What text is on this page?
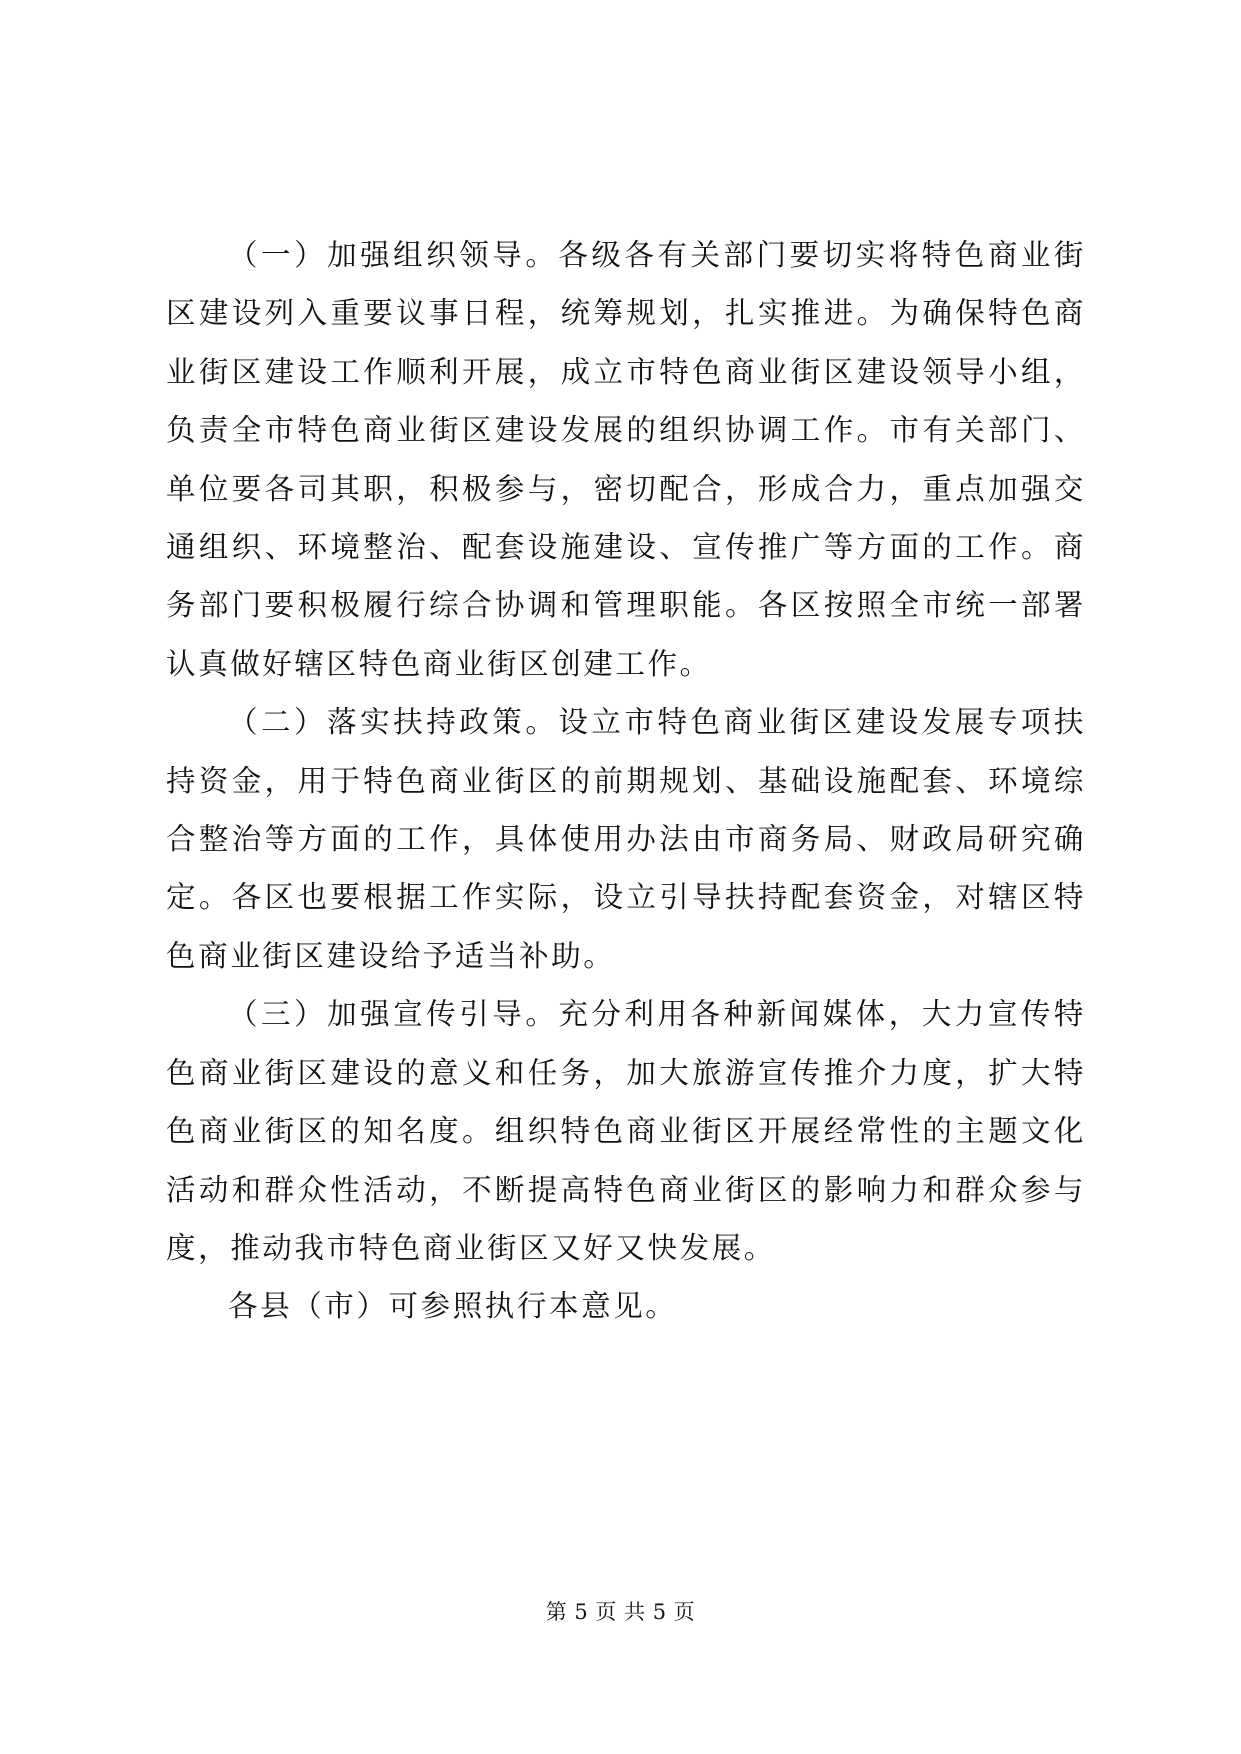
（一）加强组织领导。各级各有关部门要切实将特色商业街区建设列入重要议事日程，统筹规划，扎实推进。为确保特色商业街区建设工作顺利开展，成立市特色商业街区建设领导小组，负责全市特色商业街区建设发展的组织协调工作。市有关部门、单位要各司其职，积极参与，密切配合，形成合力，重点加强交通组织、环境整治、配套设施建设、宣传推广等方面的工作。商务部门要积极履行综合协调和管理职能。各区按照全市统一部署认真做好辖区特色商业街区创建工作。

（二）落实扶持政策。设立市特色商业街区建设发展专项扶持资金，用于特色商业街区的前期规划、基础设施配套、环境综合整治等方面的工作，具体使用办法由市商务局、财政局研究确定。各区也要根据工作实际，设立引导扶持配套资金，对辖区特色商业街区建设给予适当补助。

（三）加强宣传引导。充分利用各种新闻媒体，大力宣传特色商业街区建设的意义和任务，加大旅游宣传推介力度，扩大特色商业街区的知名度。组织特色商业街区开展经常性的主题文化活动和群众性活动，不断提高特色商业街区的影响力和群众参与度，推动我市特色商业街区又好又快发展。

各县（市）可参照执行本意见。

第 5 页 共 5 页
